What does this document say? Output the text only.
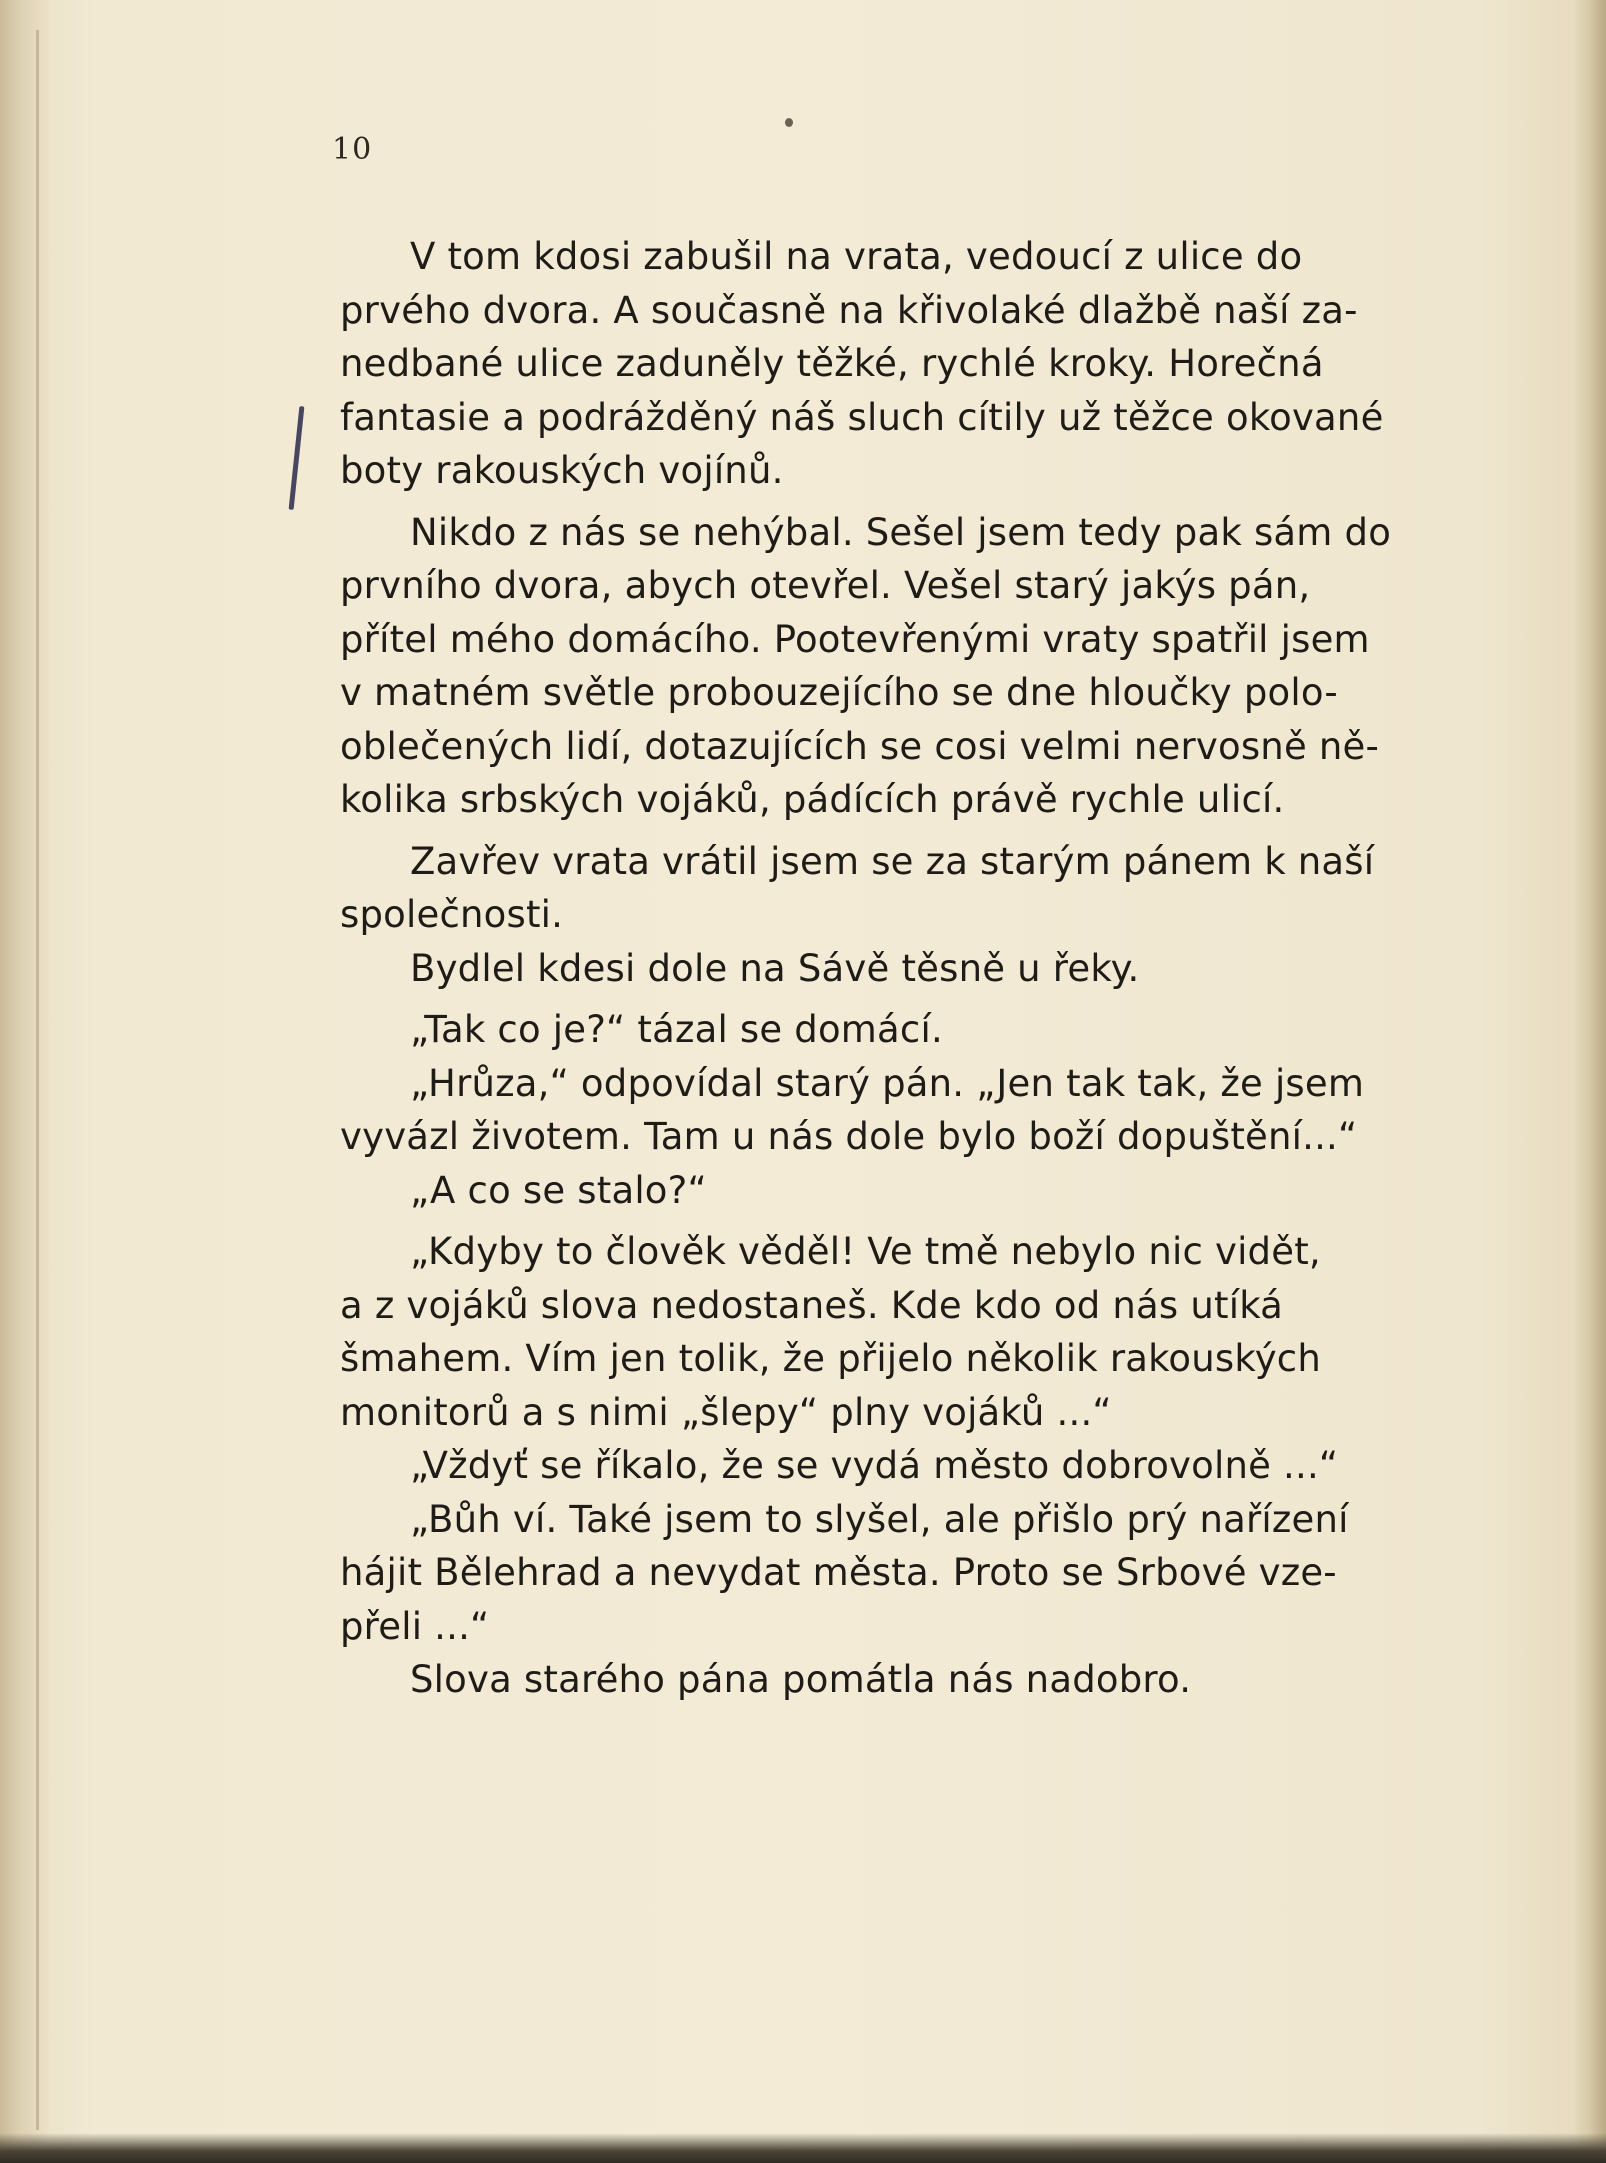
10
V tom kdosi zabušil na vrata, vedoucí z ulice do
prvého dvora. A současně na křivolaké dlažbě naší za-
nedbané ulice zaduněly těžké, rychlé kroky. Horečná
fantasie a podrážděný náš sluch cítily už těžce okované
boty rakouských vojínů.
Nikdo z nás se nehýbal. Sešel jsem tedy pak sám do
prvního dvora, abych otevřel. Vešel starý jakýs pán,
přítel mého domácího. Pootevřenými vraty spatřil jsem
v matném světle probouzejícího se dne hloučky polo-
oblečených lidí, dotazujících se cosi velmi nervosně ně-
kolika srbských vojáků, pádících právě rychle ulicí.
Zavřev vrata vrátil jsem se za starým pánem k naší
společnosti.
Bydlel kdesi dole na Sávě těsně u řeky.
„Tak co je?“ tázal se domácí.
„Hrůza,“ odpovídal starý pán. „Jen tak tak, že jsem
vyvázl životem. Tam u nás dole bylo boží dopuštění...“
„A co se stalo?“
„Kdyby to člověk věděl! Ve tmě nebylo nic vidět,
a z vojáků slova nedostaneš. Kde kdo od nás utíká
šmahem. Vím jen tolik, že přijelo několik rakouských
monitorů a s nimi „šlepy“ plny vojáků ...“
„Vždyť se říkalo, že se vydá město dobrovolně ...“
„Bůh ví. Také jsem to slyšel, ale přišlo prý nařízení
hájit Bělehrad a nevydat města. Proto se Srbové vze-
přeli ...“
Slova starého pána pomátla nás nadobro.
